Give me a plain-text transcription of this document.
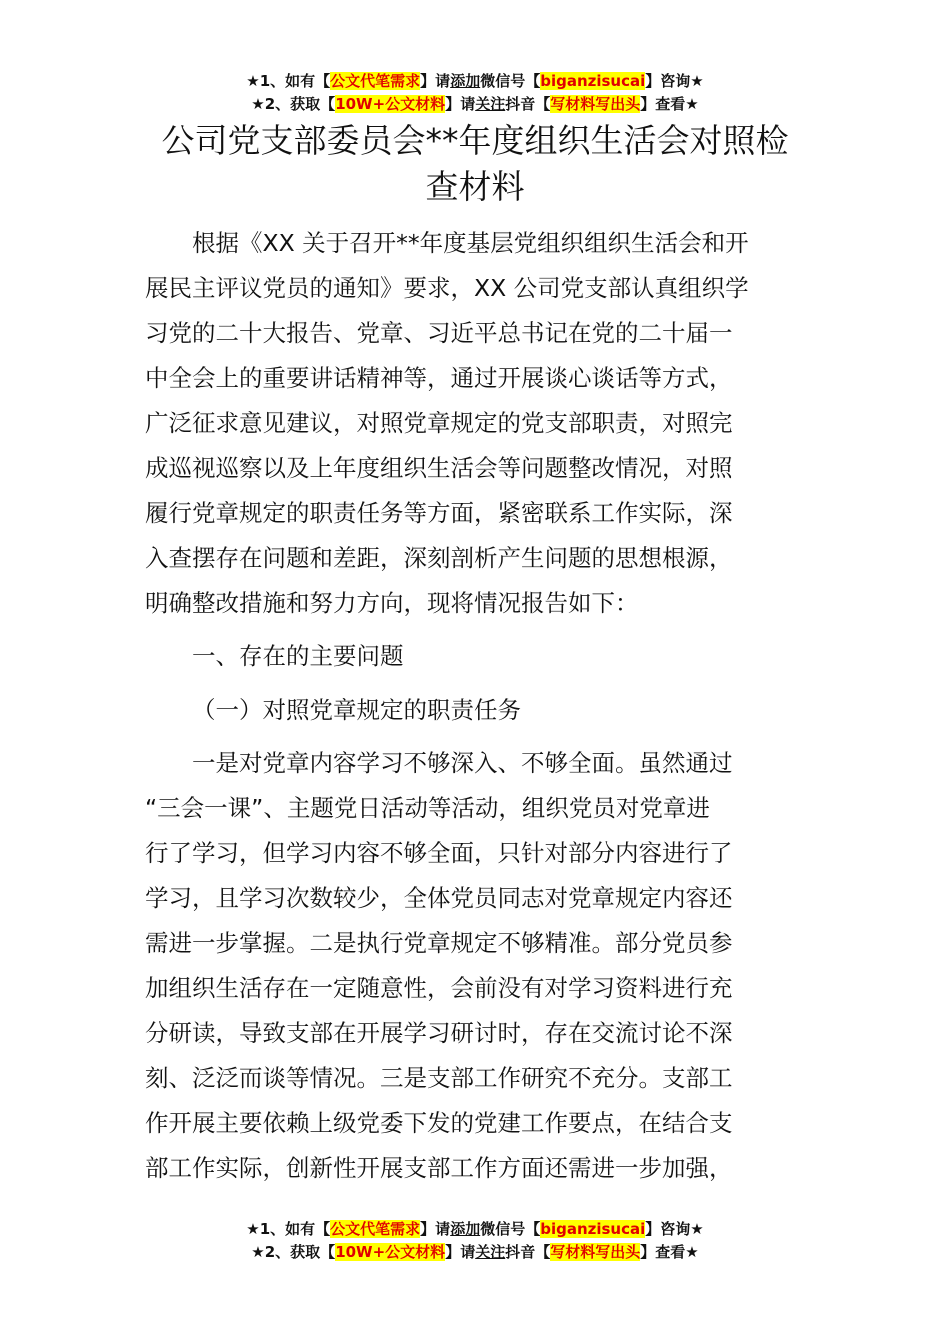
★1、如有【公文代笔需求】请添加微信号【biganzisucai】咨询★
★2、获取【10W+公文材料】请关注抖音【写材料写出头】查看★
公司党支部委员会**年度组织生活会对照检
查材料
根据《XX 关于召开**年度基层党组织组织生活会和开
展民主评议党员的通知》要求，XX 公司党支部认真组织学
习党的二十大报告、党章、习近平总书记在党的二十届一
中全会上的重要讲话精神等，通过开展谈心谈话等方式，
广泛征求意见建议，对照党章规定的党支部职责，对照完
成巡视巡察以及上年度组织生活会等问题整改情况，对照
履行党章规定的职责任务等方面，紧密联系工作实际，深
入查摆存在问题和差距，深刻剖析产生问题的思想根源，
明确整改措施和努力方向，现将情况报告如下：
一、存在的主要问题
（一）对照党章规定的职责任务
一是对党章内容学习不够深入、不够全面。虽然通过
“三会一课”、主题党日活动等活动，组织党员对党章进
行了学习，但学习内容不够全面，只针对部分内容进行了
学习，且学习次数较少，全体党员同志对党章规定内容还
需进一步掌握。二是执行党章规定不够精准。部分党员参
加组织生活存在一定随意性，会前没有对学习资料进行充
分研读，导致支部在开展学习研讨时，存在交流讨论不深
刻、泛泛而谈等情况。三是支部工作研究不充分。支部工
作开展主要依赖上级党委下发的党建工作要点，在结合支
部工作实际，创新性开展支部工作方面还需进一步加强，
★1、如有【公文代笔需求】请添加微信号【biganzisucai】咨询★
★2、获取【10W+公文材料】请关注抖音【写材料写出头】查看★
